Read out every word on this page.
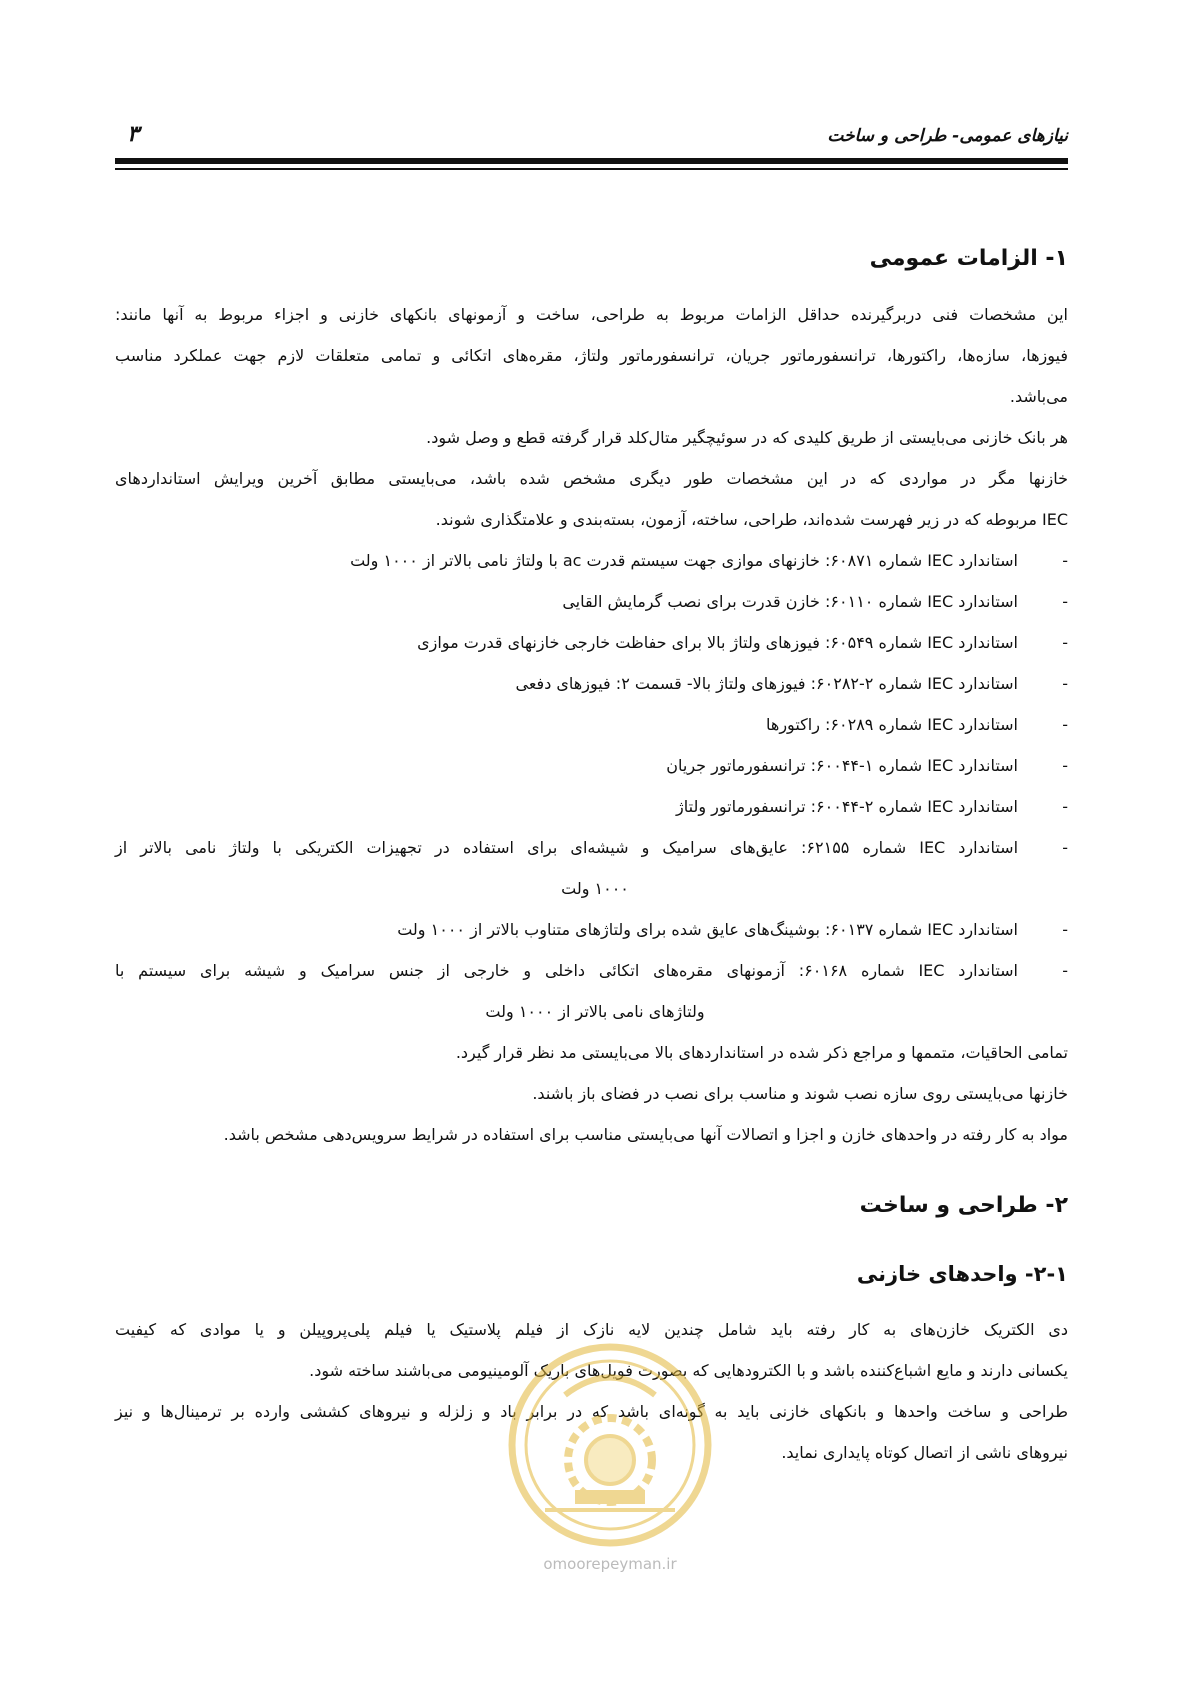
نیازهای عمومی- طراحی و ساخت
۳
۱- الزامات عمومی
این مشخصات فنی دربرگیرنده حداقل الزامات مربوط به طراحی، ساخت و آزمونهای بانکهای خازنی و اجزاء مربوط به آنها مانند:
فیوزها، سازه‌ها، راکتورها، ترانسفورماتور جریان، ترانسفورماتور ولتاژ، مقره‌های اتکائی و تمامی متعلقات لازم جهت عملکرد مناسب
می‌باشد.
هر بانک خازنی می‌بایستی از طریق کلیدی که در سوئیچگیر متال‌کلد قرار گرفته قطع و وصل شود.
خازنها مگر در مواردی که در این مشخصات طور دیگری مشخص شده باشد، می‌بایستی مطابق آخرین ویرایش استانداردهای
IEC مربوطه که در زیر فهرست شده‌اند، طراحی، ساخته، آزمون، بسته‌بندی و علامتگذاری شوند.
-
استاندارد IEC شماره ۶۰۸۷۱: خازنهای موازی جهت سیستم قدرت ac با ولتاژ نامی بالاتر از ۱۰۰۰ ولت
-
استاندارد IEC شماره ۶۰۱۱۰: خازن قدرت برای نصب گرمایش القایی
-
استاندارد IEC شماره ۶۰۵۴۹: فیوزهای ولتاژ بالا برای حفاظت خارجی خازنهای قدرت موازی
-
استاندارد IEC شماره ۲-۶۰۲۸۲: فیوزهای ولتاژ بالا- قسمت ۲: فیوزهای دفعی
-
استاندارد IEC شماره ۶۰۲۸۹: راکتورها
-
استاندارد IEC شماره ۱-۶۰۰۴۴: ترانسفورماتور جریان
-
استاندارد IEC شماره ۲-۶۰۰۴۴: ترانسفورماتور ولتاژ
-
استاندارد IEC شماره ۶۲۱۵۵: عایق‌های سرامیک و شیشه‌ای برای استفاده در تجهیزات الکتریکی با ولتاژ نامی بالاتر از
۱۰۰۰ ولت
-
استاندارد IEC شماره ۶۰۱۳۷: بوشینگ‌های عایق شده برای ولتاژهای متناوب بالاتر از ۱۰۰۰ ولت
-
استاندارد IEC شماره ۶۰۱۶۸: آزمونهای مقره‌های اتکائی داخلی و خارجی از جنس سرامیک و شیشه برای سیستم با
ولتاژهای نامی بالاتر از ۱۰۰۰ ولت
تمامی الحاقیات، متممها و مراجع ذکر شده در استانداردهای بالا می‌بایستی مد نظر قرار گیرد.
خازنها می‌بایستی روی سازه نصب شوند و مناسب برای نصب در فضای باز باشند.
مواد به کار رفته در واحدهای خازن و اجزا و اتصالات آنها می‌بایستی مناسب برای استفاده در شرایط سرویس‌دهی مشخص باشد.
۲- طراحی و ساخت
۲-۱- واحدهای خازنی
دی الکتریک خازن‌های به کار رفته باید شامل چندین لایه نازک از فیلم پلاستیک یا فیلم پلی‌پروپیلن و یا موادی که کیفیت
یکسانی دارند و مایع اشباع‌کننده باشد و با الکترودهایی که بصورت فویل‌های باریک آلومینیومی می‌باشند ساخته شود.
طراحی و ساخت واحدها و بانکهای خازنی باید به گونه‌ای باشد که در برابر باد و زلزله و نیروهای کششی وارده بر ترمینال‌ها و نیز
نیروهای ناشی از اتصال کوتاه پایداری نماید.
omoorepeyman.ir
